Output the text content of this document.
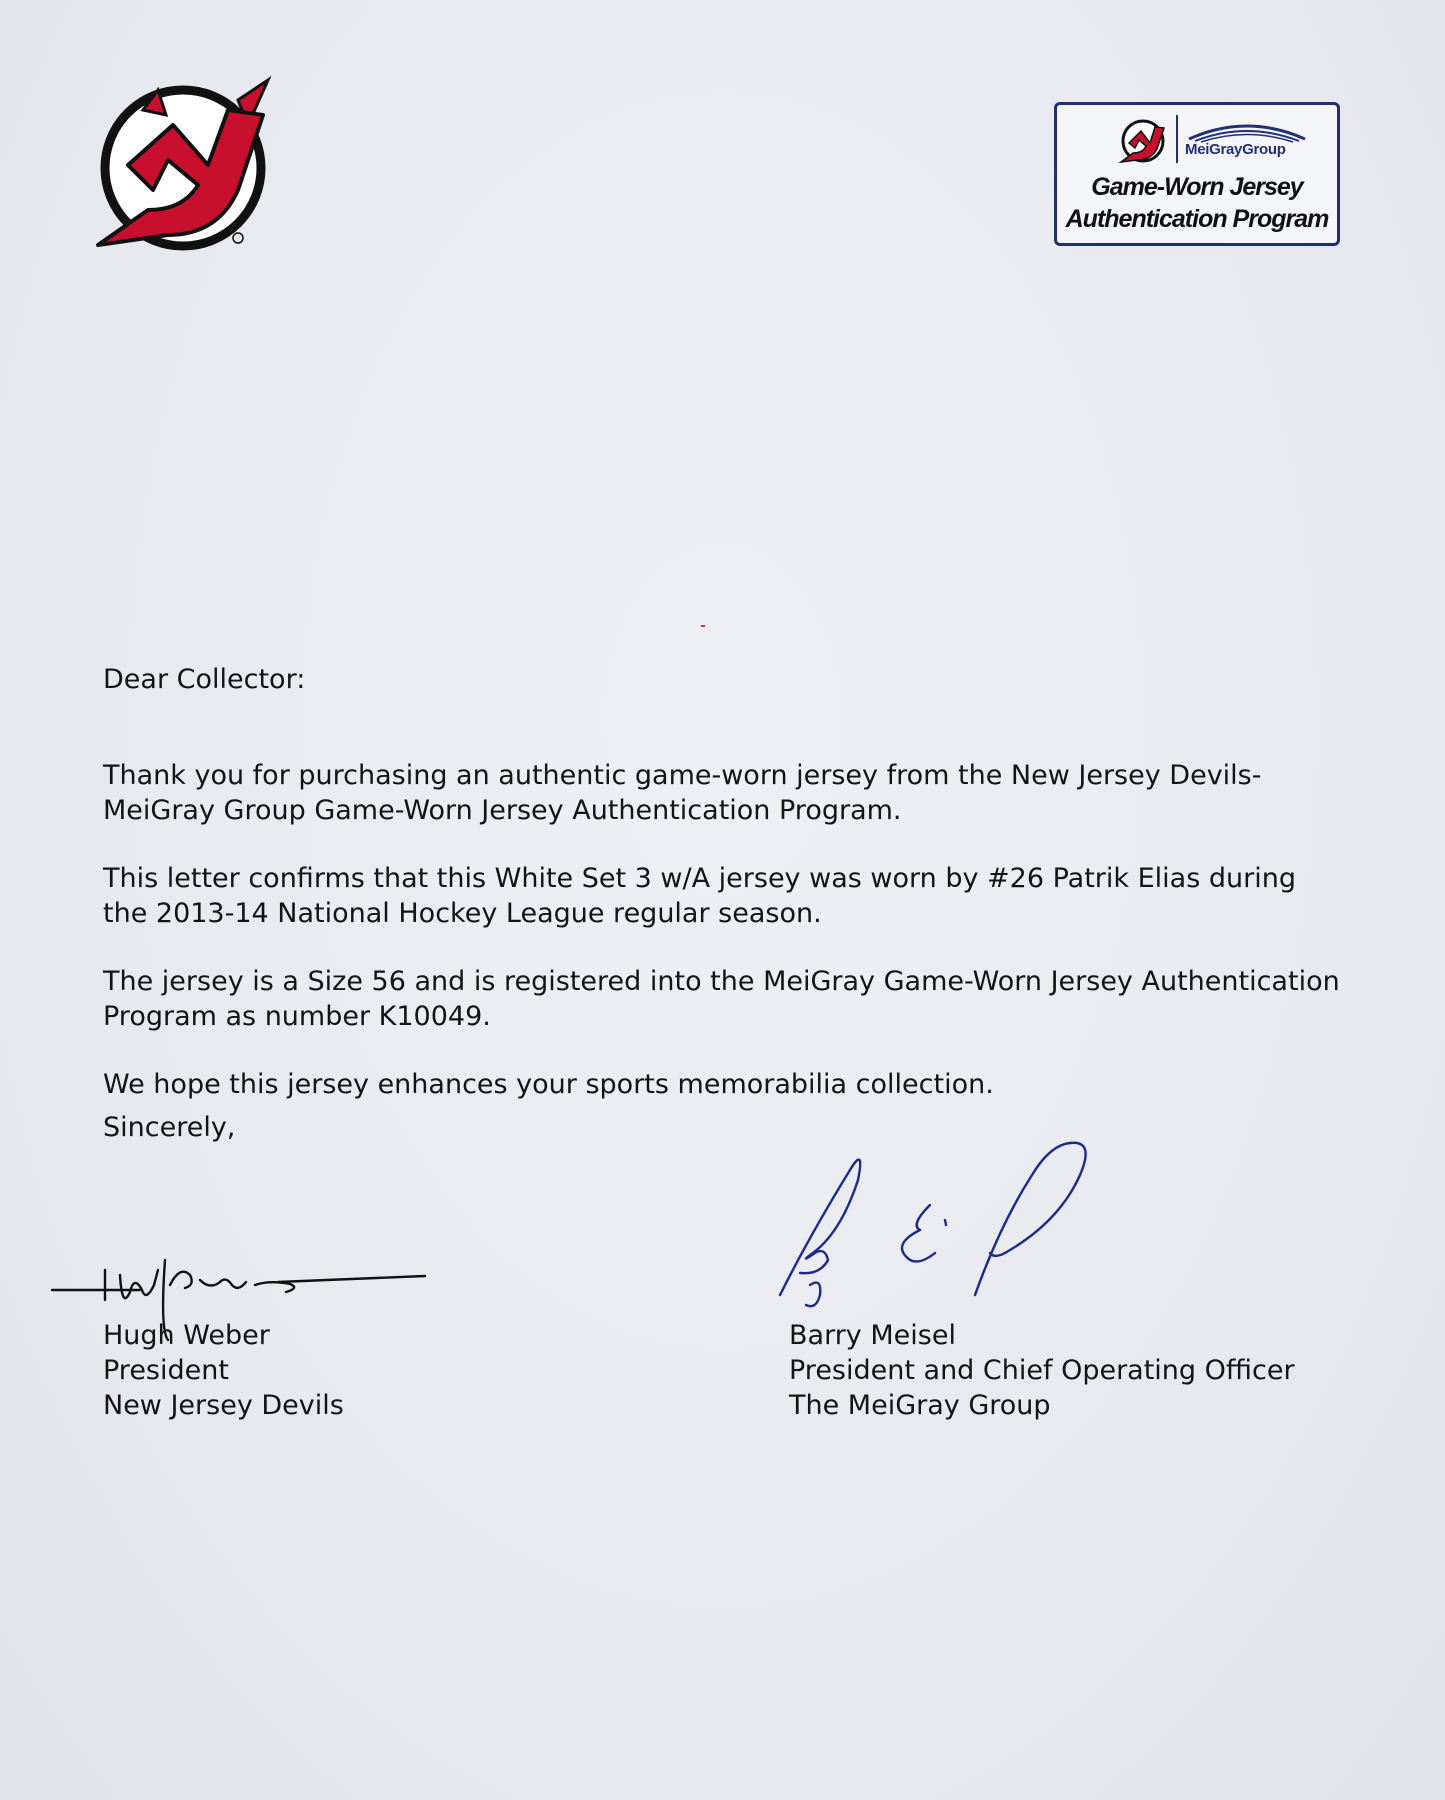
MeiGrayGroup
Game-Worn Jersey
Authentication Program
Dear Collector:

Thank you for purchasing an authentic game-worn jersey from the New Jersey Devils-MeiGray Group Game-Worn Jersey Authentication Program.

This letter confirms that this White Set 3 w/A jersey was worn by #26 Patrik Elias during the 2013-14 National Hockey League regular season.

The jersey is a Size 56 and is registered into the MeiGray Game-Worn Jersey Authentication Program as number K10049.

We hope this jersey enhances your sports memorabilia collection.

Sincerely,
Hugh Weber
President
New Jersey Devils
Barry Meisel
President and Chief Operating Officer
The MeiGray Group
